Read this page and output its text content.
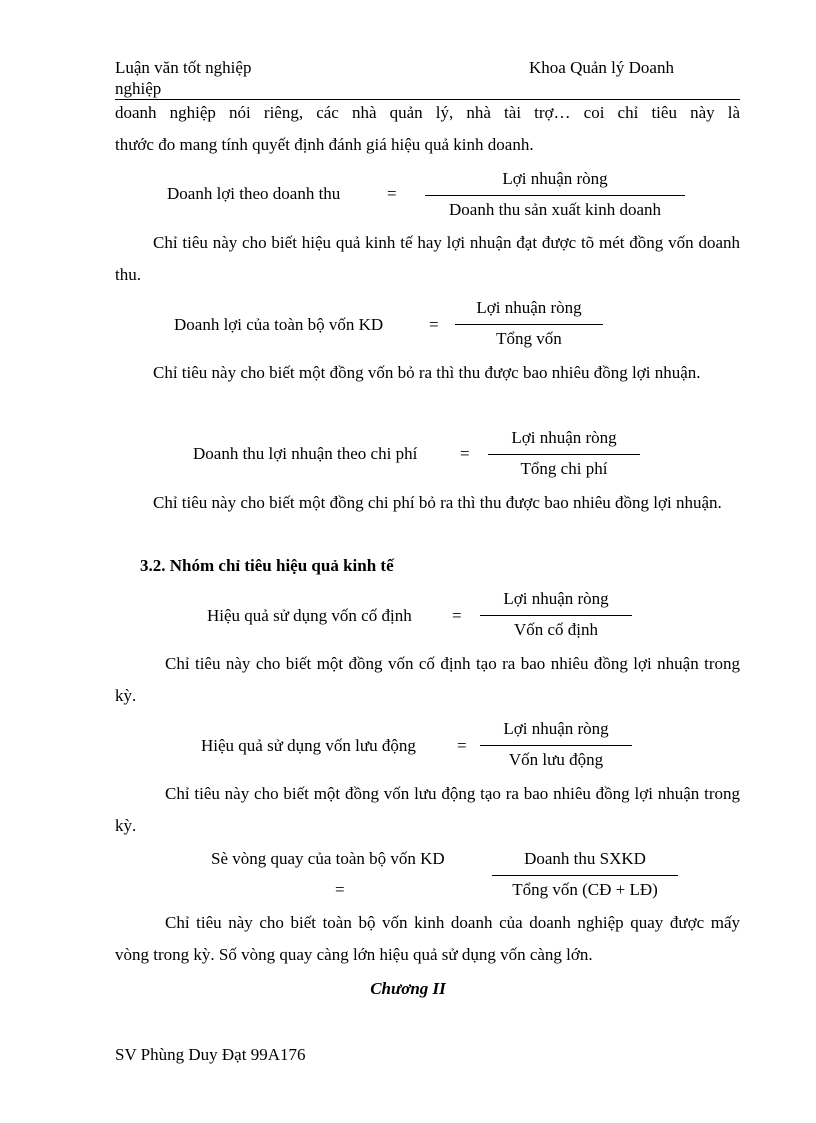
Luận văn tốt nghiệp	Khoa Quản lý Doanh
nghiệp
doanh nghiệp nói riêng, các nhà quản lý, nhà tài trợ… coi chỉ tiêu này là
thước đo mang tính quyết định đánh giá hiệu quả kinh doanh.
Doanh lợi theo doanh thu	=
Lợi nhuận ròng
Doanh thu sản xuất kinh doanh
Chỉ tiêu này cho biết hiệu quả kinh tế hay lợi nhuận đạt được tõ mét đồng vốn doanh thu.
Doanh lợi của toàn bộ vốn KD	=
Lợi nhuận ròng
Tổng vốn
Chỉ tiêu này cho biết một đồng vốn bỏ ra thì thu được bao nhiêu đồng lợi nhuận.
Doanh thu lợi nhuận theo chi phí	=
Lợi nhuận ròng
Tổng chi phí
Chỉ tiêu này cho biết một đồng chi phí bỏ ra thì thu được bao nhiêu đồng lợi nhuận.
3.2. Nhóm chỉ tiêu hiệu quả kinh tế
Hiệu quả sử dụng vốn cố định =
Lợi nhuận ròng
Vốn cố định
Chỉ tiêu này cho biết một đồng vốn cố định tạo ra bao nhiêu đồng lợi nhuận trong kỳ.
Hiệu quả sử dụng vốn lưu động =
Lợi nhuận ròng
Vốn lưu động
Chỉ tiêu này cho biết một đồng vốn lưu động tạo ra bao nhiêu đồng lợi nhuận trong kỳ.
Sè vòng quay của toàn bộ vốn KD
=
Doanh thu SXKD
Tổng vốn (CĐ + LĐ)
Chỉ tiêu này cho biết toàn bộ vốn kinh doanh của doanh nghiệp quay được mấy vòng trong kỳ. Số vòng quay càng lớn hiệu quả sử dụng vốn càng lớn.
Chương II
SV Phùng Duy Đạt 99A176
